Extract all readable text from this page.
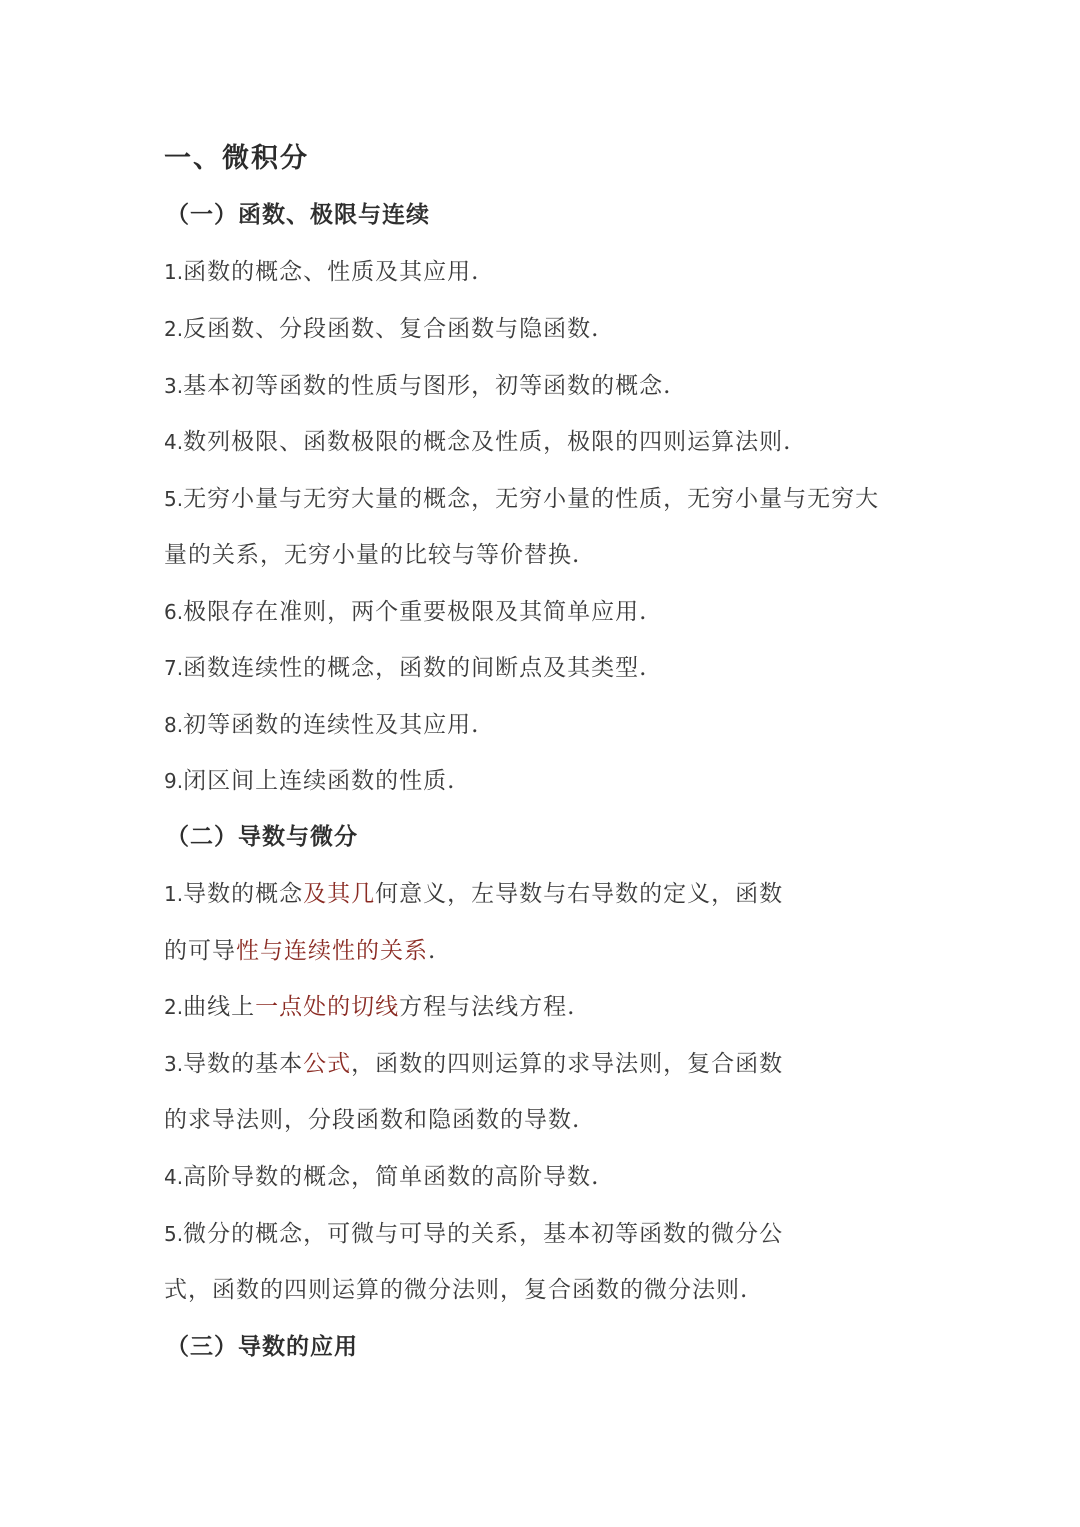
一、微积分
（一）函数、极限与连续
1.函数的概念、性质及其应用.
2.反函数、分段函数、复合函数与隐函数.
3.基本初等函数的性质与图形，初等函数的概念.
4.数列极限、函数极限的概念及性质，极限的四则运算法则.
5.无穷小量与无穷大量的概念，无穷小量的性质，无穷小量与无穷大
量的关系，无穷小量的比较与等价替换.
6.极限存在准则，两个重要极限及其简单应用.
7.函数连续性的概念，函数的间断点及其类型.
8.初等函数的连续性及其应用.
9.闭区间上连续函数的性质.
（二）导数与微分
1.导数的概念及其几何意义，左导数与右导数的定义，函数
的可导性与连续性的关系.
2.曲线上一点处的切线方程与法线方程.
3.导数的基本公式，函数的四则运算的求导法则，复合函数
的求导法则，分段函数和隐函数的导数.
4.高阶导数的概念，简单函数的高阶导数.
5.微分的概念，可微与可导的关系，基本初等函数的微分公
式，函数的四则运算的微分法则，复合函数的微分法则.
（三）导数的应用
